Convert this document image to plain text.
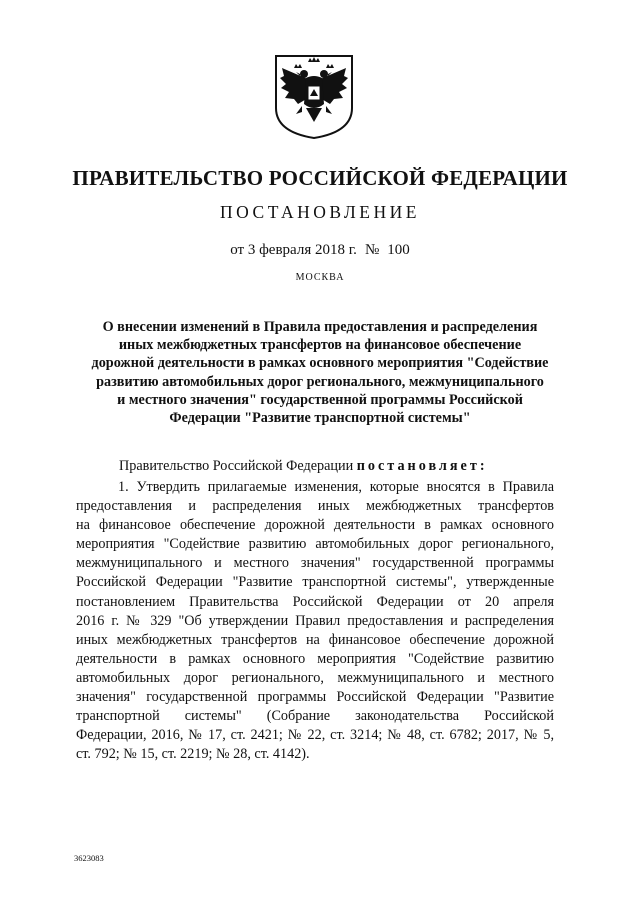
ПРАВИТЕЛЬСТВО РОССИЙСКОЙ ФЕДЕРАЦИИ
ПОСТАНОВЛЕНИЕ
от 3 февраля 2018 г. № 100
МОСКВА
О внесении изменений в Правила предоставления и распределения
иных межбюджетных трансфертов на финансовое обеспечение
дорожной деятельности в рамках основного мероприятия "Содействие
развитию автомобильных дорог регионального, межмуниципального
и местного значения" государственной программы Российской
Федерации "Развитие транспортной системы"
Правительство Российской Федерации постановляет:
1. Утвердить прилагаемые изменения, которые вносятся в Правила
предоставления и распределения иных межбюджетных трансфертов
на финансовое обеспечение дорожной деятельности в рамках основного
мероприятия "Содействие развитию автомобильных дорог регионального,
межмуниципального и местного значения" государственной программы
Российской Федерации "Развитие транспортной системы", утвержденные
постановлением Правительства Российской Федерации от 20 апреля
2016 г. № 329 "Об утверждении Правил предоставления и распределения
иных межбюджетных трансфертов на финансовое обеспечение дорожной
деятельности в рамках основного мероприятия "Содействие развитию
автомобильных дорог регионального, межмуниципального и местного
значения" государственной программы Российской Федерации "Развитие
транспортной системы" (Собрание законодательства Российской
Федерации, 2016, № 17, ст. 2421; № 22, ст. 3214; № 48, ст. 6782; 2017, № 5,
ст. 792; № 15, ст. 2219; № 28, ст. 4142).
3623083
